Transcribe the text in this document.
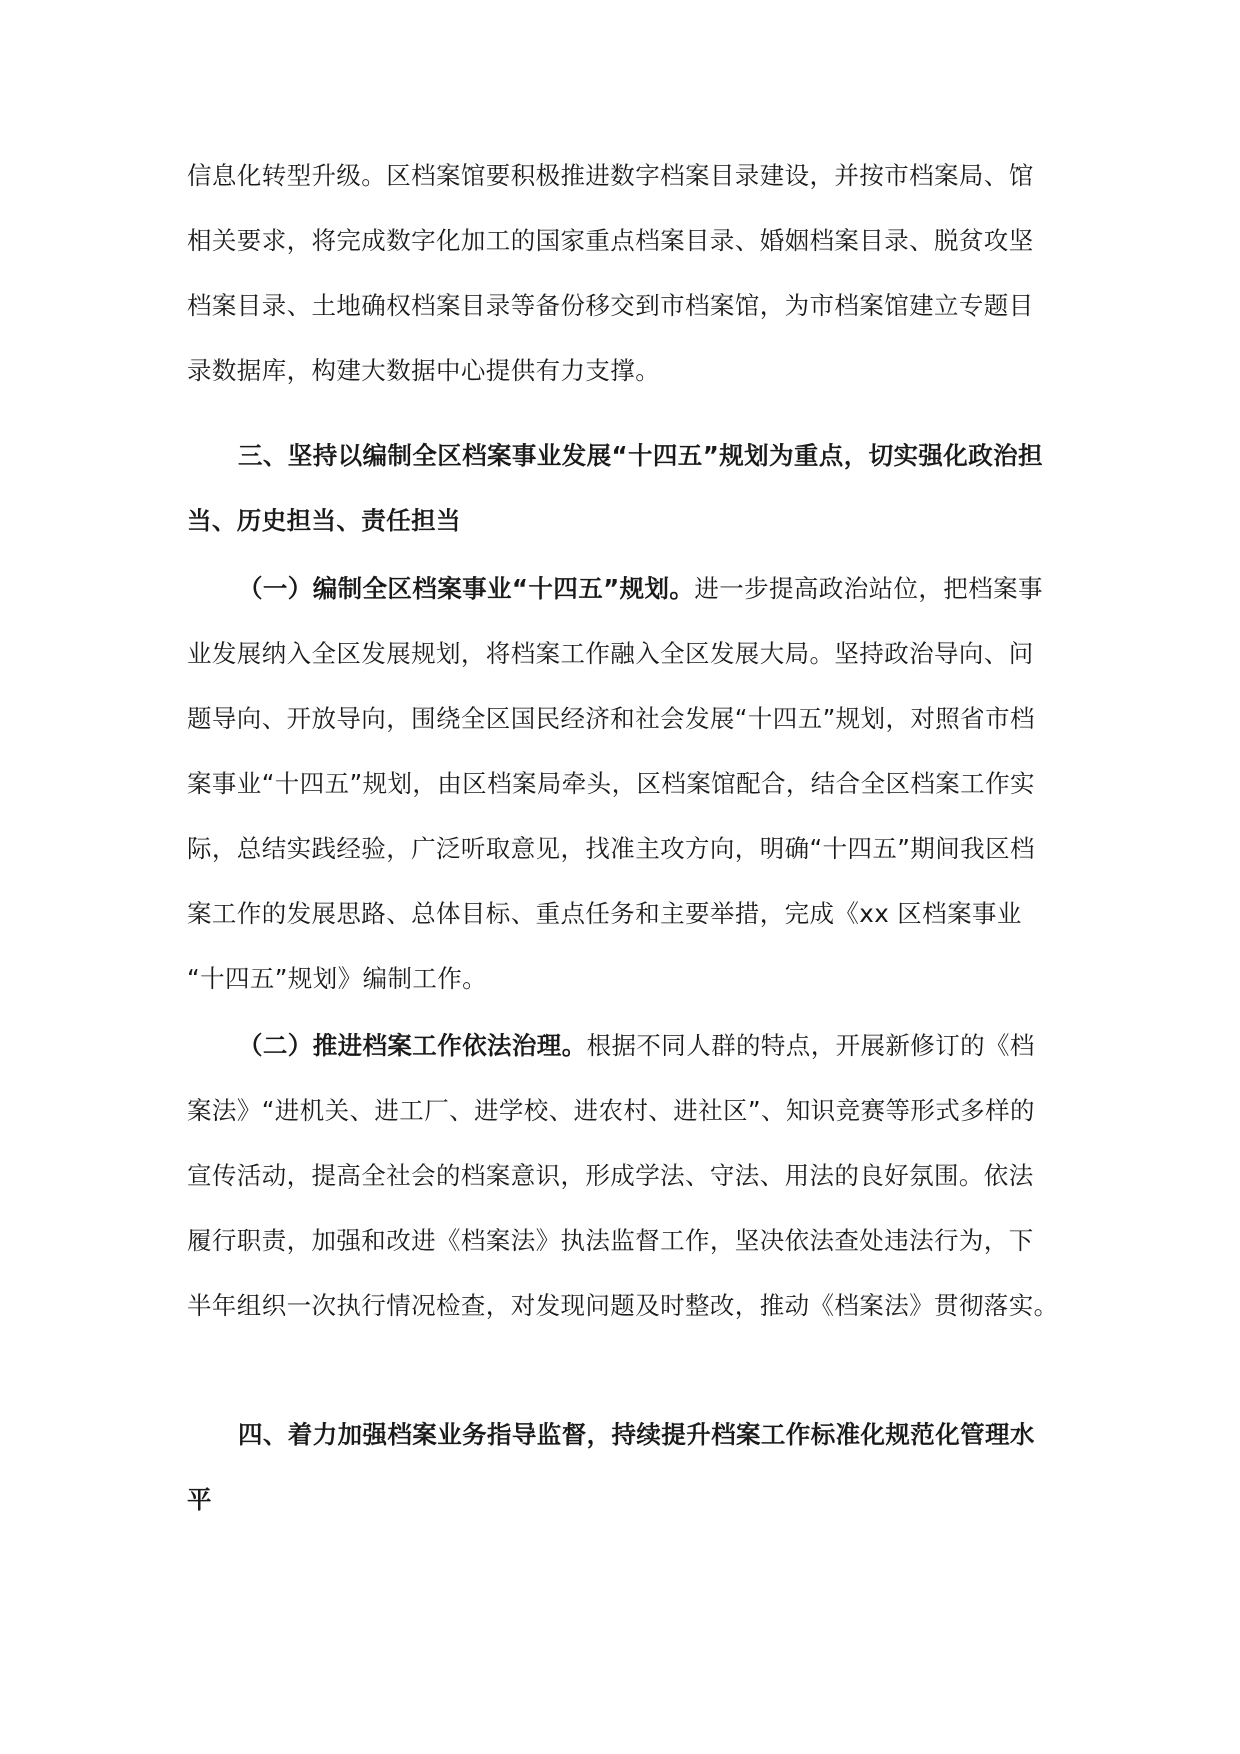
信息化转型升级。区档案馆要积极推进数字档案目录建设，并按市档案局、馆
相关要求，将完成数字化加工的国家重点档案目录、婚姻档案目录、脱贫攻坚
档案目录、土地确权档案目录等备份移交到市档案馆，为市档案馆建立专题目
录数据库，构建大数据中心提供有力支撑。
三、坚持以编制全区档案事业发展“十四五”规划为重点，切实强化政治担
当、历史担当、责任担当
（一）编制全区档案事业“十四五”规划。进一步提高政治站位，把档案事
业发展纳入全区发展规划，将档案工作融入全区发展大局。坚持政治导向、问
题导向、开放导向，围绕全区国民经济和社会发展“十四五”规划，对照省市档
案事业“十四五”规划，由区档案局牵头，区档案馆配合，结合全区档案工作实
际，总结实践经验，广泛听取意见，找准主攻方向，明确“十四五”期间我区档
案工作的发展思路、总体目标、重点任务和主要举措，完成《xx 区档案事业
“十四五”规划》编制工作。
（二）推进档案工作依法治理。根据不同人群的特点，开展新修订的《档
案法》“进机关、进工厂、进学校、进农村、进社区”、知识竞赛等形式多样的
宣传活动，提高全社会的档案意识，形成学法、守法、用法的良好氛围。依法
履行职责，加强和改进《档案法》执法监督工作，坚决依法查处违法行为，下
半年组织一次执行情况检查，对发现问题及时整改，推动《档案法》贯彻落实。
四、着力加强档案业务指导监督，持续提升档案工作标准化规范化管理水
平
